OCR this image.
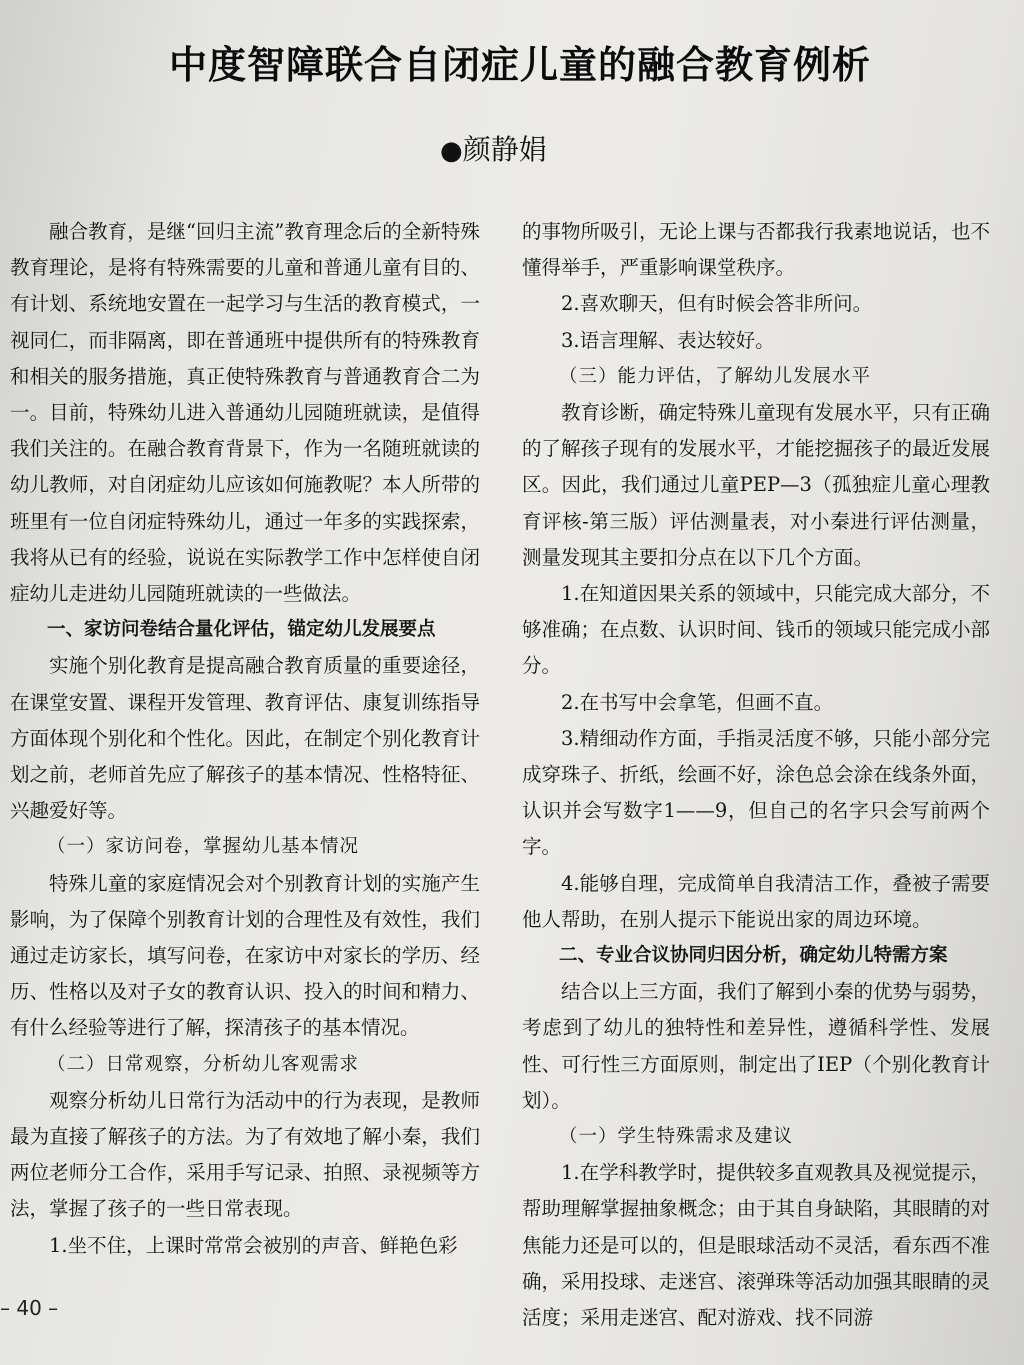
中度智障联合自闭症儿童的融合教育例析
●颜静娟

融合教育，是继“回归主流”教育理念后的全新特殊教育理论，是将有特殊需要的儿童和普通儿童有目的、有计划、系统地安置在一起学习与生活的教育模式，一视同仁，而非隔离，即在普通班中提供所有的特殊教育和相关的服务措施，真正使特殊教育与普通教育合二为一。目前，特殊幼儿进入普通幼儿园随班就读，是值得我们关注的。在融合教育背景下，作为一名随班就读的幼儿教师，对自闭症幼儿应该如何施教呢？本人所带的班里有一位自闭症特殊幼儿，通过一年多的实践探索，我将从已有的经验，说说在实际教学工作中怎样使自闭症幼儿走进幼儿园随班就读的一些做法。

一、家访问卷结合量化评估，锚定幼儿发展要点

实施个别化教育是提高融合教育质量的重要途径，在课堂安置、课程开发管理、教育评估、康复训练指导方面体现个别化和个性化。因此，在制定个别化教育计划之前，老师首先应了解孩子的基本情况、性格特征、兴趣爱好等。

（一）家访问卷，掌握幼儿基本情况

特殊儿童的家庭情况会对个别教育计划的实施产生影响，为了保障个别教育计划的合理性及有效性，我们通过走访家长，填写问卷，在家访中对家长的学历、经历、性格以及对子女的教育认识、投入的时间和精力、有什么经验等进行了解，探清孩子的基本情况。

（二）日常观察，分析幼儿客观需求

观察分析幼儿日常行为活动中的行为表现，是教师最为直接了解孩子的方法。为了有效地了解小秦，我们两位老师分工合作，采用手写记录、拍照、录视频等方法，掌握了孩子的一些日常表现。

1.坐不住，上课时常常会被别的声音、鲜艳色彩

的事物所吸引，无论上课与否都我行我素地说话，也不懂得举手，严重影响课堂秩序。

2.喜欢聊天，但有时候会答非所问。

3.语言理解、表达较好。

（三）能力评估，了解幼儿发展水平

教育诊断，确定特殊儿童现有发展水平，只有正确的了解孩子现有的发展水平，才能挖掘孩子的最近发展区。因此，我们通过儿童PEP—3（孤独症儿童心理教育评核-第三版）评估测量表，对小秦进行评估测量，测量发现其主要扣分点在以下几个方面。

1.在知道因果关系的领域中，只能完成大部分，不够准确；在点数、认识时间、钱币的领域只能完成小部分。

2.在书写中会拿笔，但画不直。

3.精细动作方面，手指灵活度不够，只能小部分完成穿珠子、折纸，绘画不好，涂色总会涂在线条外面，认识并会写数字1——9，但自己的名字只会写前两个字。

4.能够自理，完成简单自我清洁工作，叠被子需要他人帮助，在别人提示下能说出家的周边环境。

二、专业合议协同归因分析，确定幼儿特需方案

结合以上三方面，我们了解到小秦的优势与弱势，考虑到了幼儿的独特性和差异性，遵循科学性、发展性、可行性三方面原则，制定出了IEP（个别化教育计划）。

（一）学生特殊需求及建议

1.在学科教学时，提供较多直观教具及视觉提示，帮助理解掌握抽象概念；由于其自身缺陷，其眼睛的对焦能力还是可以的，但是眼球活动不灵活，看东西不准确，采用投球、走迷宫、滚弹珠等活动加强其眼睛的灵活度；采用走迷宫、配对游戏、找不同游

– 40 –
